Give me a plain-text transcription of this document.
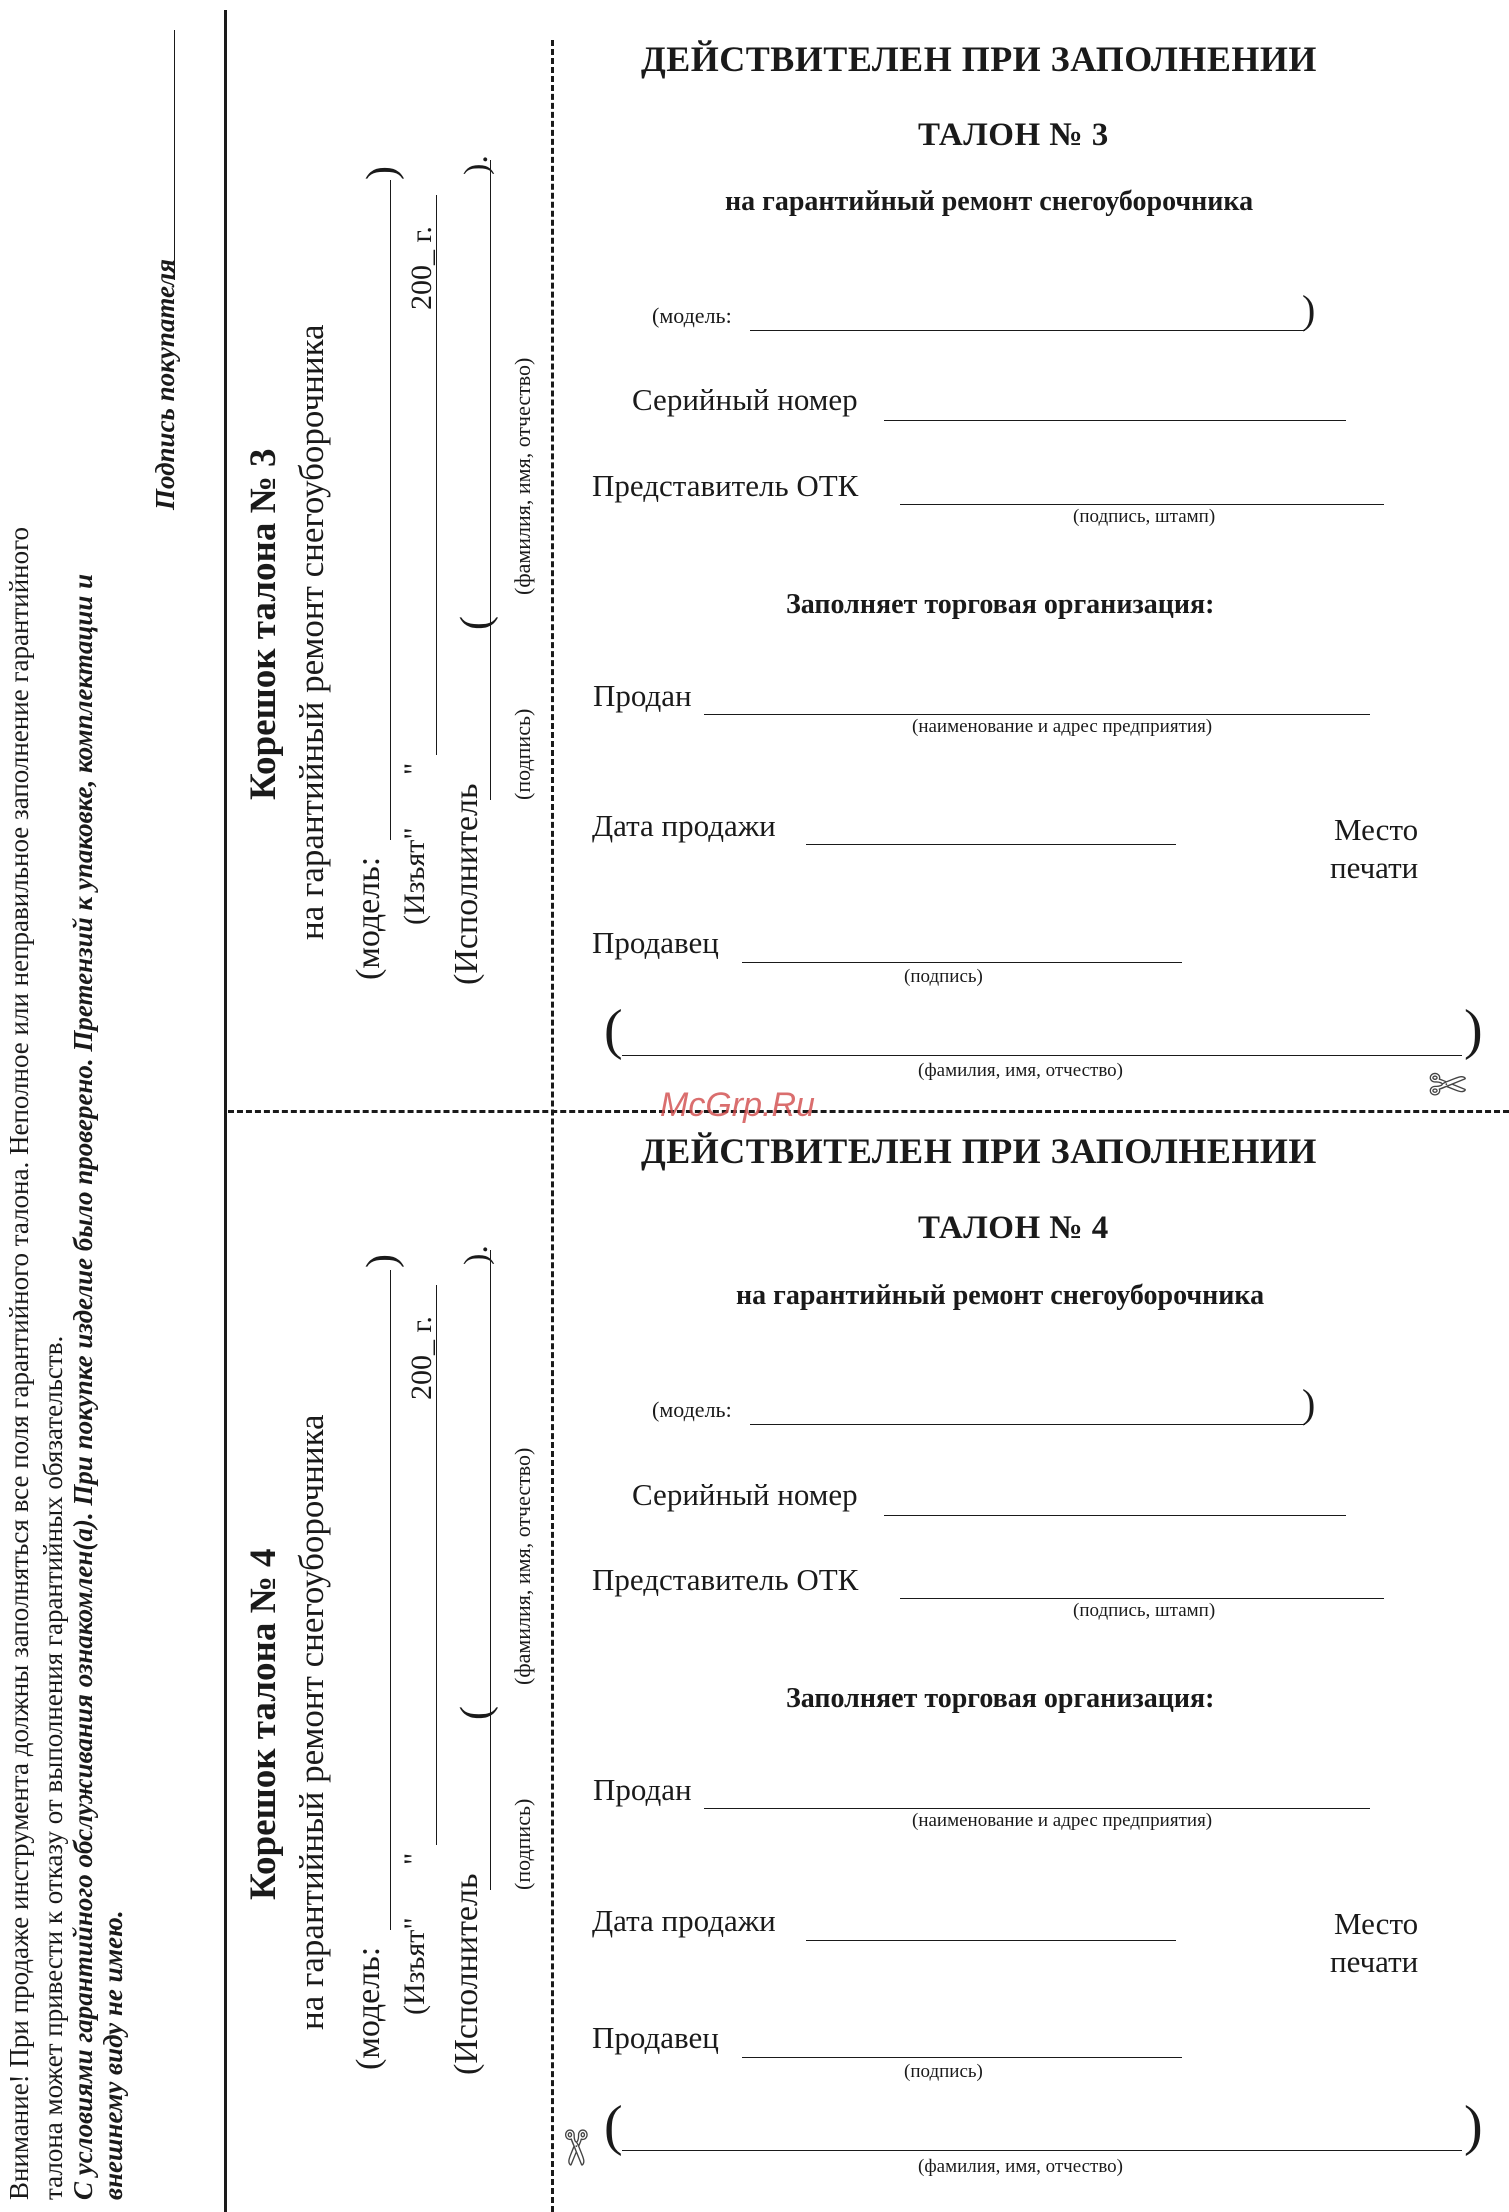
Внимание! При продаже инструмента должны заполняться все поля гарантийного талона. Неполное или неправильное заполнение гарантийного талона может привести к отказу от выполнения гарантийных обязательств. С условиями гарантийного обслуживания ознакомлен(а). При покупке изделие было проверено. Претензий к упаковке, комплектации и внешнему виду не имею.
Подпись покупателя
Корешок талона № 3 на гарантийный ремонт снегоуборочника (модель:
)
(Изъят"
"
200_ г.
(Исполнитель
(
).
(подпись)
(фамилия, имя, отчество)
Корешок талона № 4 на гарантийный ремонт снегоуборочника (модель:
)
(Изъят"
"
200_ г.
(Исполнитель
(
).
(подпись)
(фамилия, имя, отчество)
ДЕЙСТВИТЕЛЕН ПРИ ЗАПОЛНЕНИИ
ТАЛОН № 3
на гарантийный ремонт снегоуборочника
(модель:	)
Серийный номер
Представитель ОТК
(подпись, штамп)
Заполняет торговая организация:
Продан
(наименование и адрес предприятия)
Дата продажи	Место
печати
Продавец
(подпись)
(	)
(фамилия, имя, отчество)	✄
McGrp.Ru
ДЕЙСТВИТЕЛЕН ПРИ ЗАПОЛНЕНИИ
ТАЛОН № 4
на гарантийный ремонт снегоуборочника
(модель:	)
Серийный номер
Представитель ОТК
(подпись, штамп)
Заполняет торговая организация:
Продан
(наименование и адрес предприятия)
Дата продажи	Место
печати
Продавец
(подпись)
(	)
(фамилия, имя, отчество)
✄
